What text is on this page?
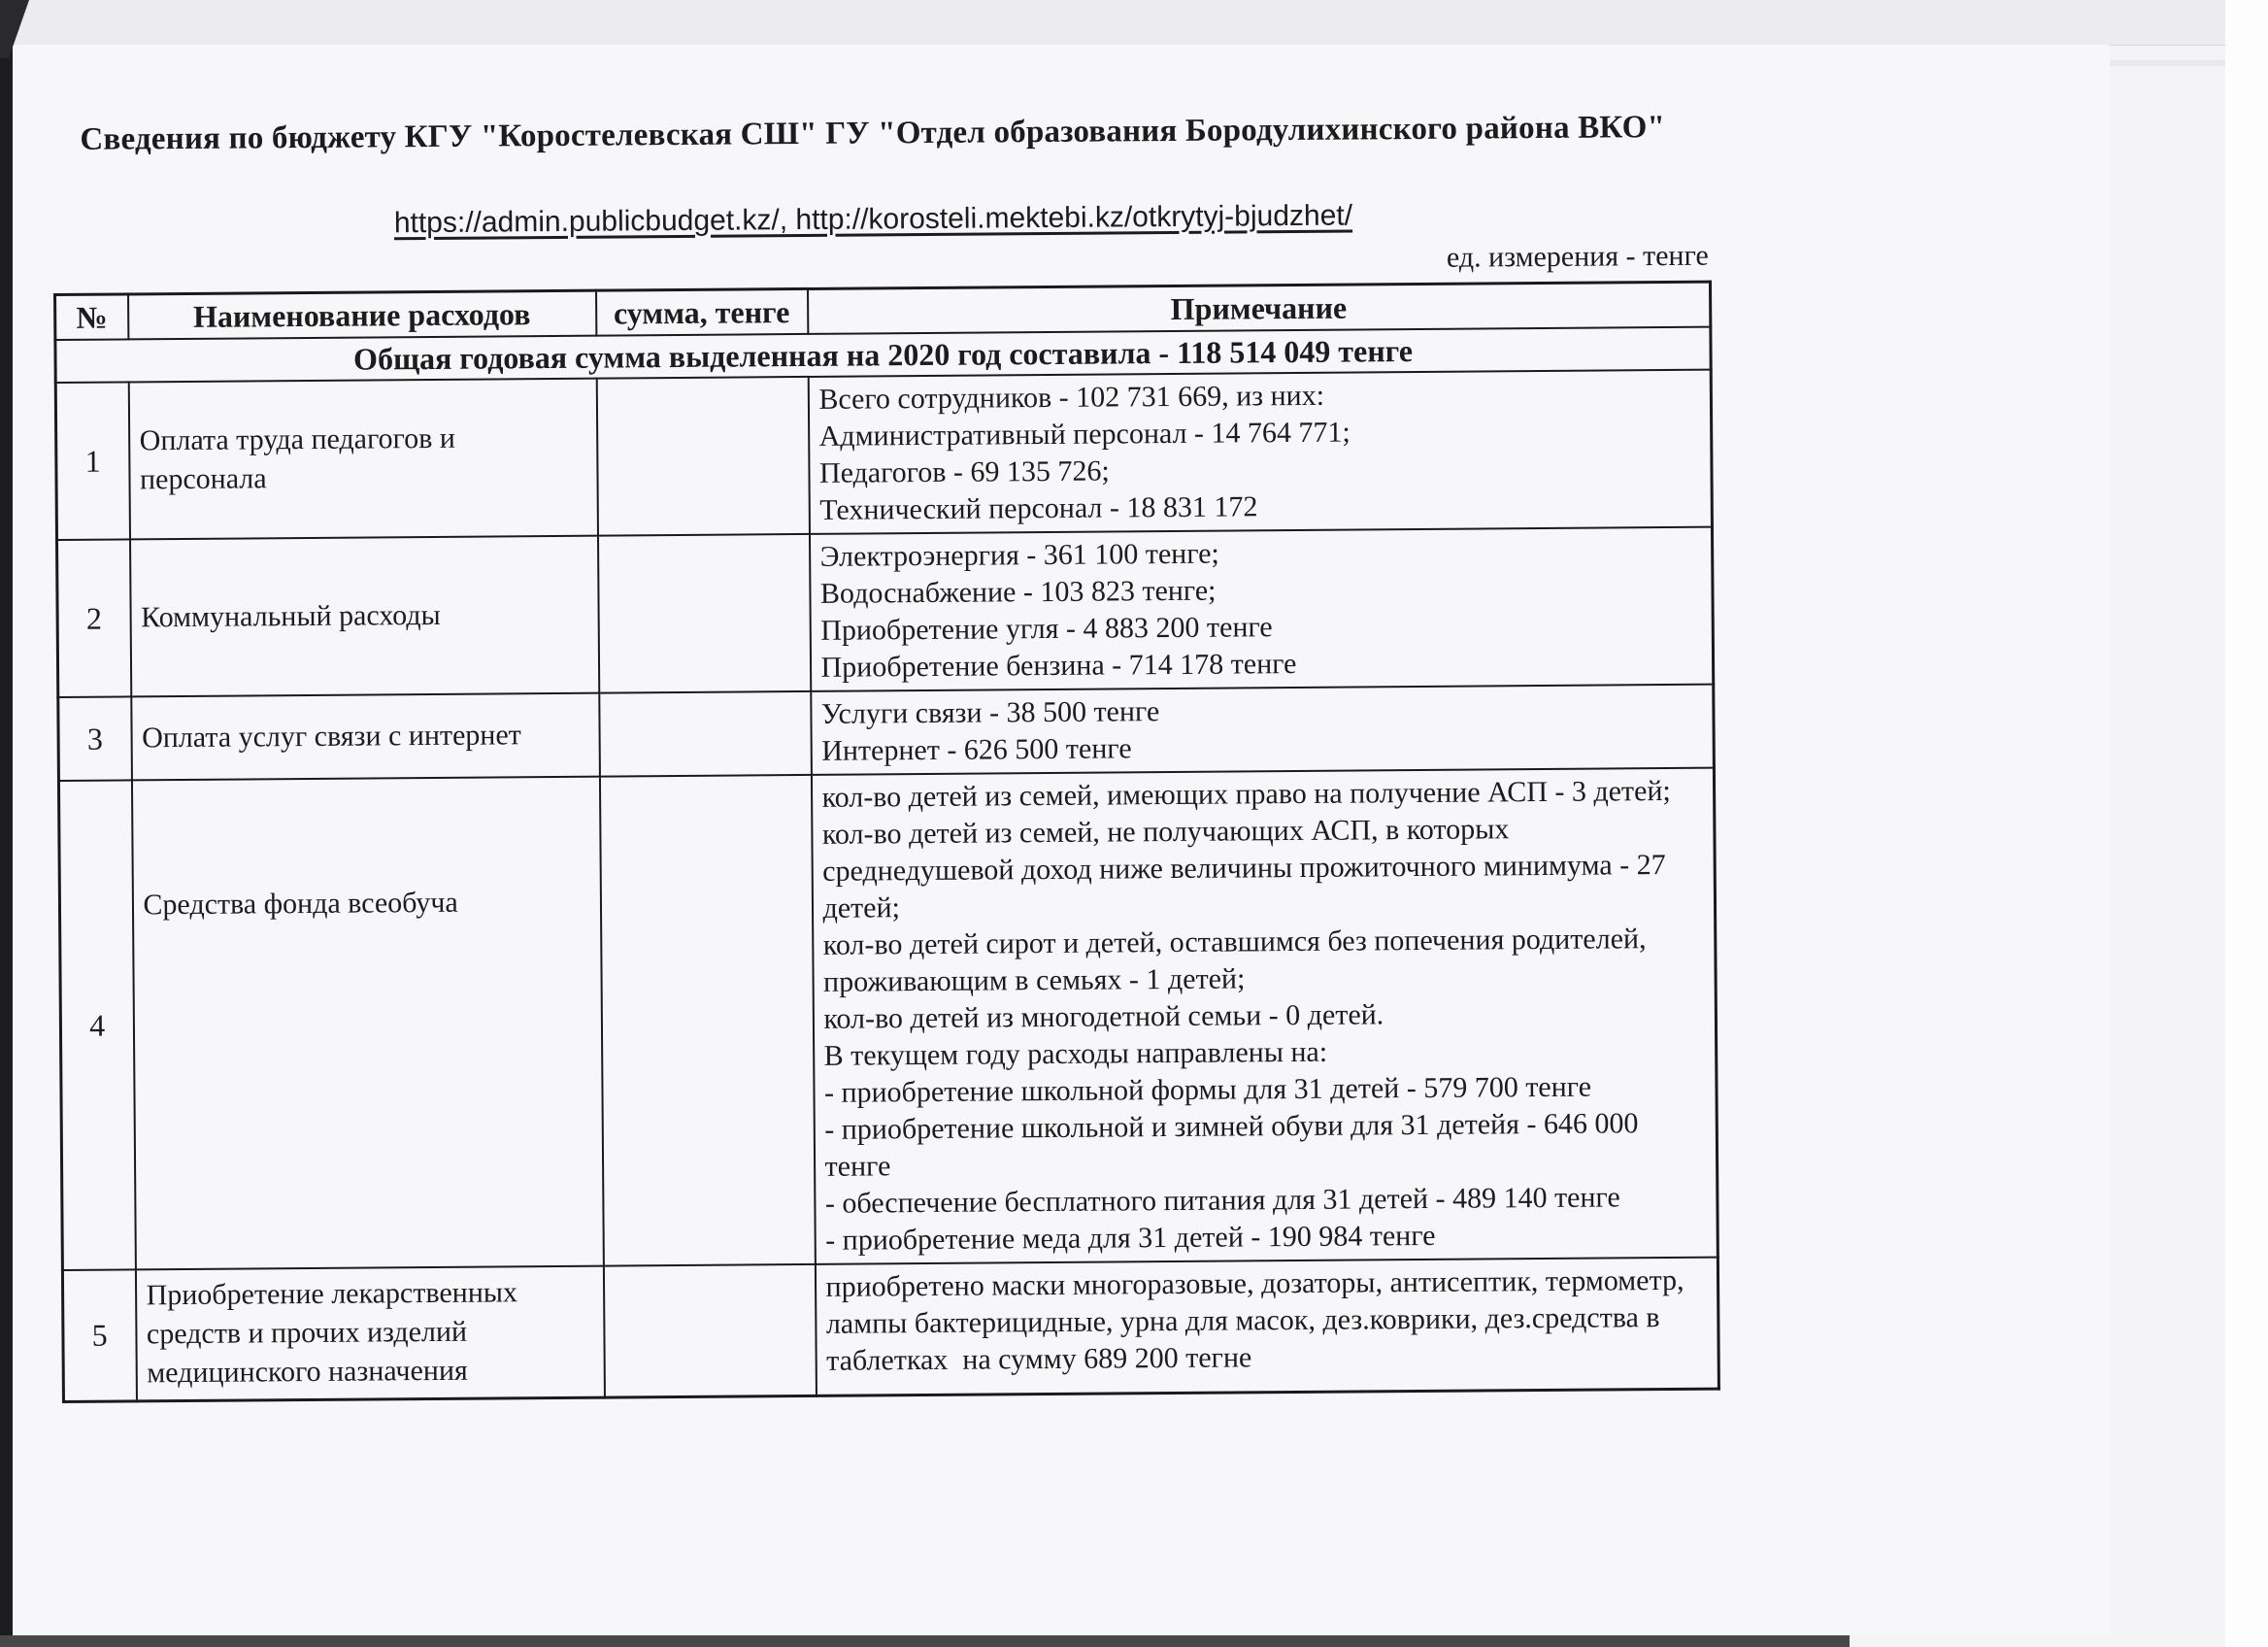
Сведения по бюджету КГУ "Коростелевская СШ" ГУ "Отдел образования Бородулихинского района ВКО"
https://admin.publicbudget.kz/, http://korosteli.mektebi.kz/otkrytyj-bjudzhet/
ед. измерения - тенге
№	Наименование расходов	сумма, тенге	Примечание
Общая годовая сумма выделенная на 2020 год составила - 118 514 049 тенге			
1	Оплата труда педагогов и персонала		Всего сотрудников - 102 731 669, из них:
Административный персонал - 14 764 771;
Педагогов - 69 135 726;
Технический персонал - 18 831 172
2	Коммунальный расходы		Электроэнергия - 361 100 тенге;
Водоснабжение - 103 823 тенге;
Приобретение угля - 4 883 200 тенге
Приобретение бензина - 714 178 тенге
3	Оплата услуг связи с интернет		Услуги связи - 38 500 тенге
Интернет - 626 500 тенге
4	Средства фонда всеобуча		кол-во детей из семей, имеющих право на получение АСП - 3 детей;
кол-во детей из семей, не получающих АСП, в которых среднедушевой доход ниже величины прожиточного минимума - 27 детей;
кол-во детей сирот и детей, оставшимся без попечения родителей, проживающим в семьях - 1 детей;
кол-во детей из многодетной семьи - 0 детей.
В текущем году расходы направлены на:
- приобретение школьной формы для 31 детей - 579 700 тенге
- приобретение школьной и зимней обуви для 31 детейя - 646 000 тенге
- обеспечение бесплатного питания для 31 детей - 489 140 тенге
- приобретение меда для 31 детей - 190 984 тенге
5	Приобретение лекарственных средств и прочих изделий медицинского назначения		приобретено маски многоразовые, дозаторы, антисептик, термометр, лампы бактерицидные, урна для масок, дез.коврики, дез.средства в таблетках  на сумму 689 200 тегне
